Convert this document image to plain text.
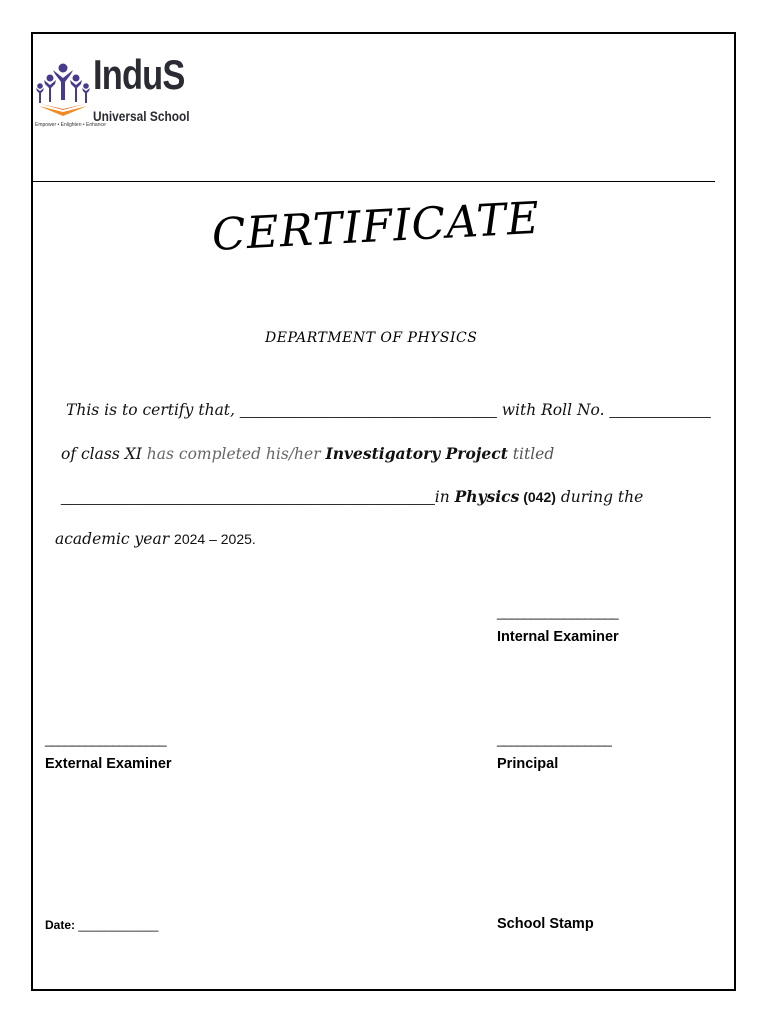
InduS
Universal School
Empower • Enlighten • Enhance
CERTIFICATE
DEPARTMENT OF PHYSICS
This is to certify that, _________________________________ with Roll No. _____________
of class XI has completed his/her Investigatory Project titled
________________________________________________in Physics (042) during the
academic year 2024 – 2025.
__________________
Internal Examiner
__________________
External Examiner
_________________
Principal
Date: ____________	School Stamp
